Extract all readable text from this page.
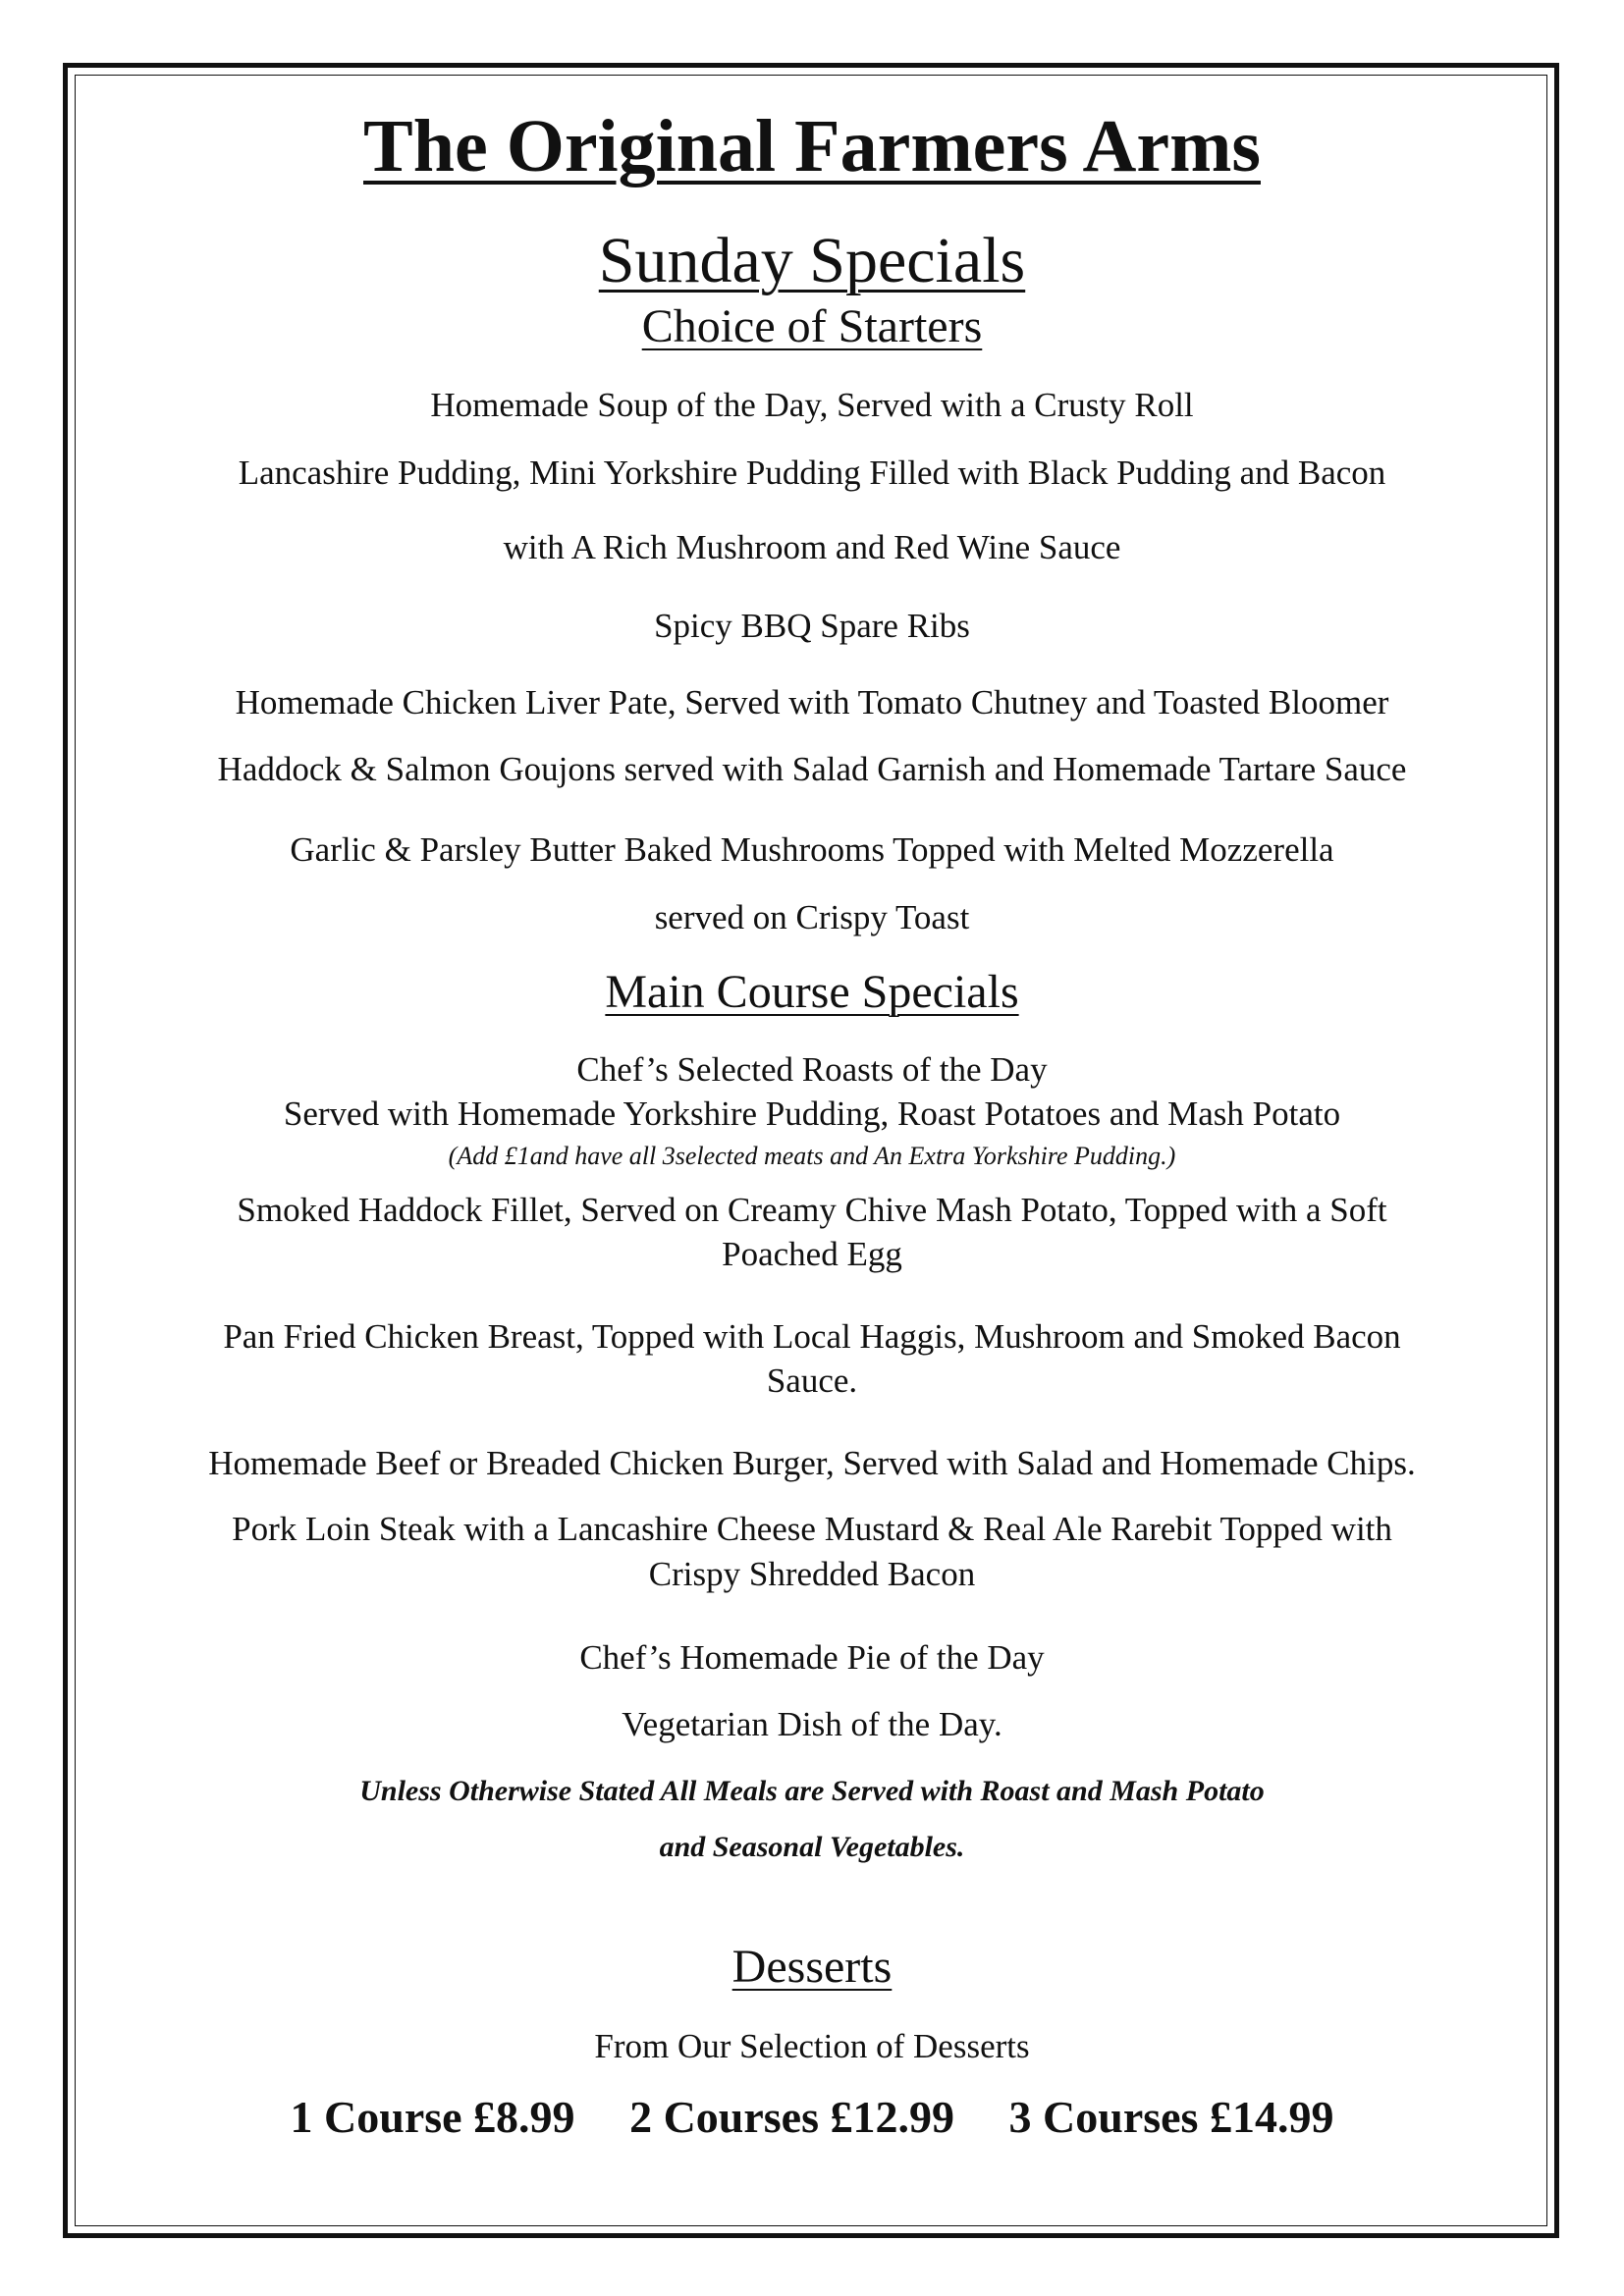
The Original Farmers Arms
Sunday Specials
Choice of Starters
Homemade Soup of the Day, Served with a Crusty Roll
Lancashire Pudding, Mini Yorkshire Pudding Filled with Black Pudding and Bacon
with A Rich Mushroom and Red Wine Sauce
Spicy BBQ Spare Ribs
Homemade Chicken Liver Pate, Served with Tomato Chutney and Toasted Bloomer
Haddock & Salmon Goujons served with Salad Garnish and Homemade Tartare Sauce
Garlic & Parsley Butter Baked Mushrooms Topped with Melted Mozzerella
served on Crispy Toast
Main Course Specials
Chef’s Selected Roasts of the Day
Served with Homemade Yorkshire Pudding, Roast Potatoes and Mash Potato
(Add £1and have all 3selected meats and An Extra Yorkshire Pudding.)
Smoked Haddock Fillet, Served on Creamy Chive Mash Potato, Topped with a Soft
Poached Egg
Pan Fried Chicken Breast, Topped with Local Haggis, Mushroom and Smoked Bacon
Sauce.
Homemade Beef or Breaded Chicken Burger, Served with Salad and Homemade Chips.
Pork Loin Steak with a Lancashire Cheese Mustard & Real Ale Rarebit Topped with
Crispy Shredded Bacon
Chef’s Homemade Pie of the Day
Vegetarian Dish of the Day.
Unless Otherwise Stated All Meals are Served with Roast and Mash Potato
and Seasonal Vegetables.
Desserts
From Our Selection of Desserts
1 Course £8.99 2 Courses £12.99 3 Courses £14.99
